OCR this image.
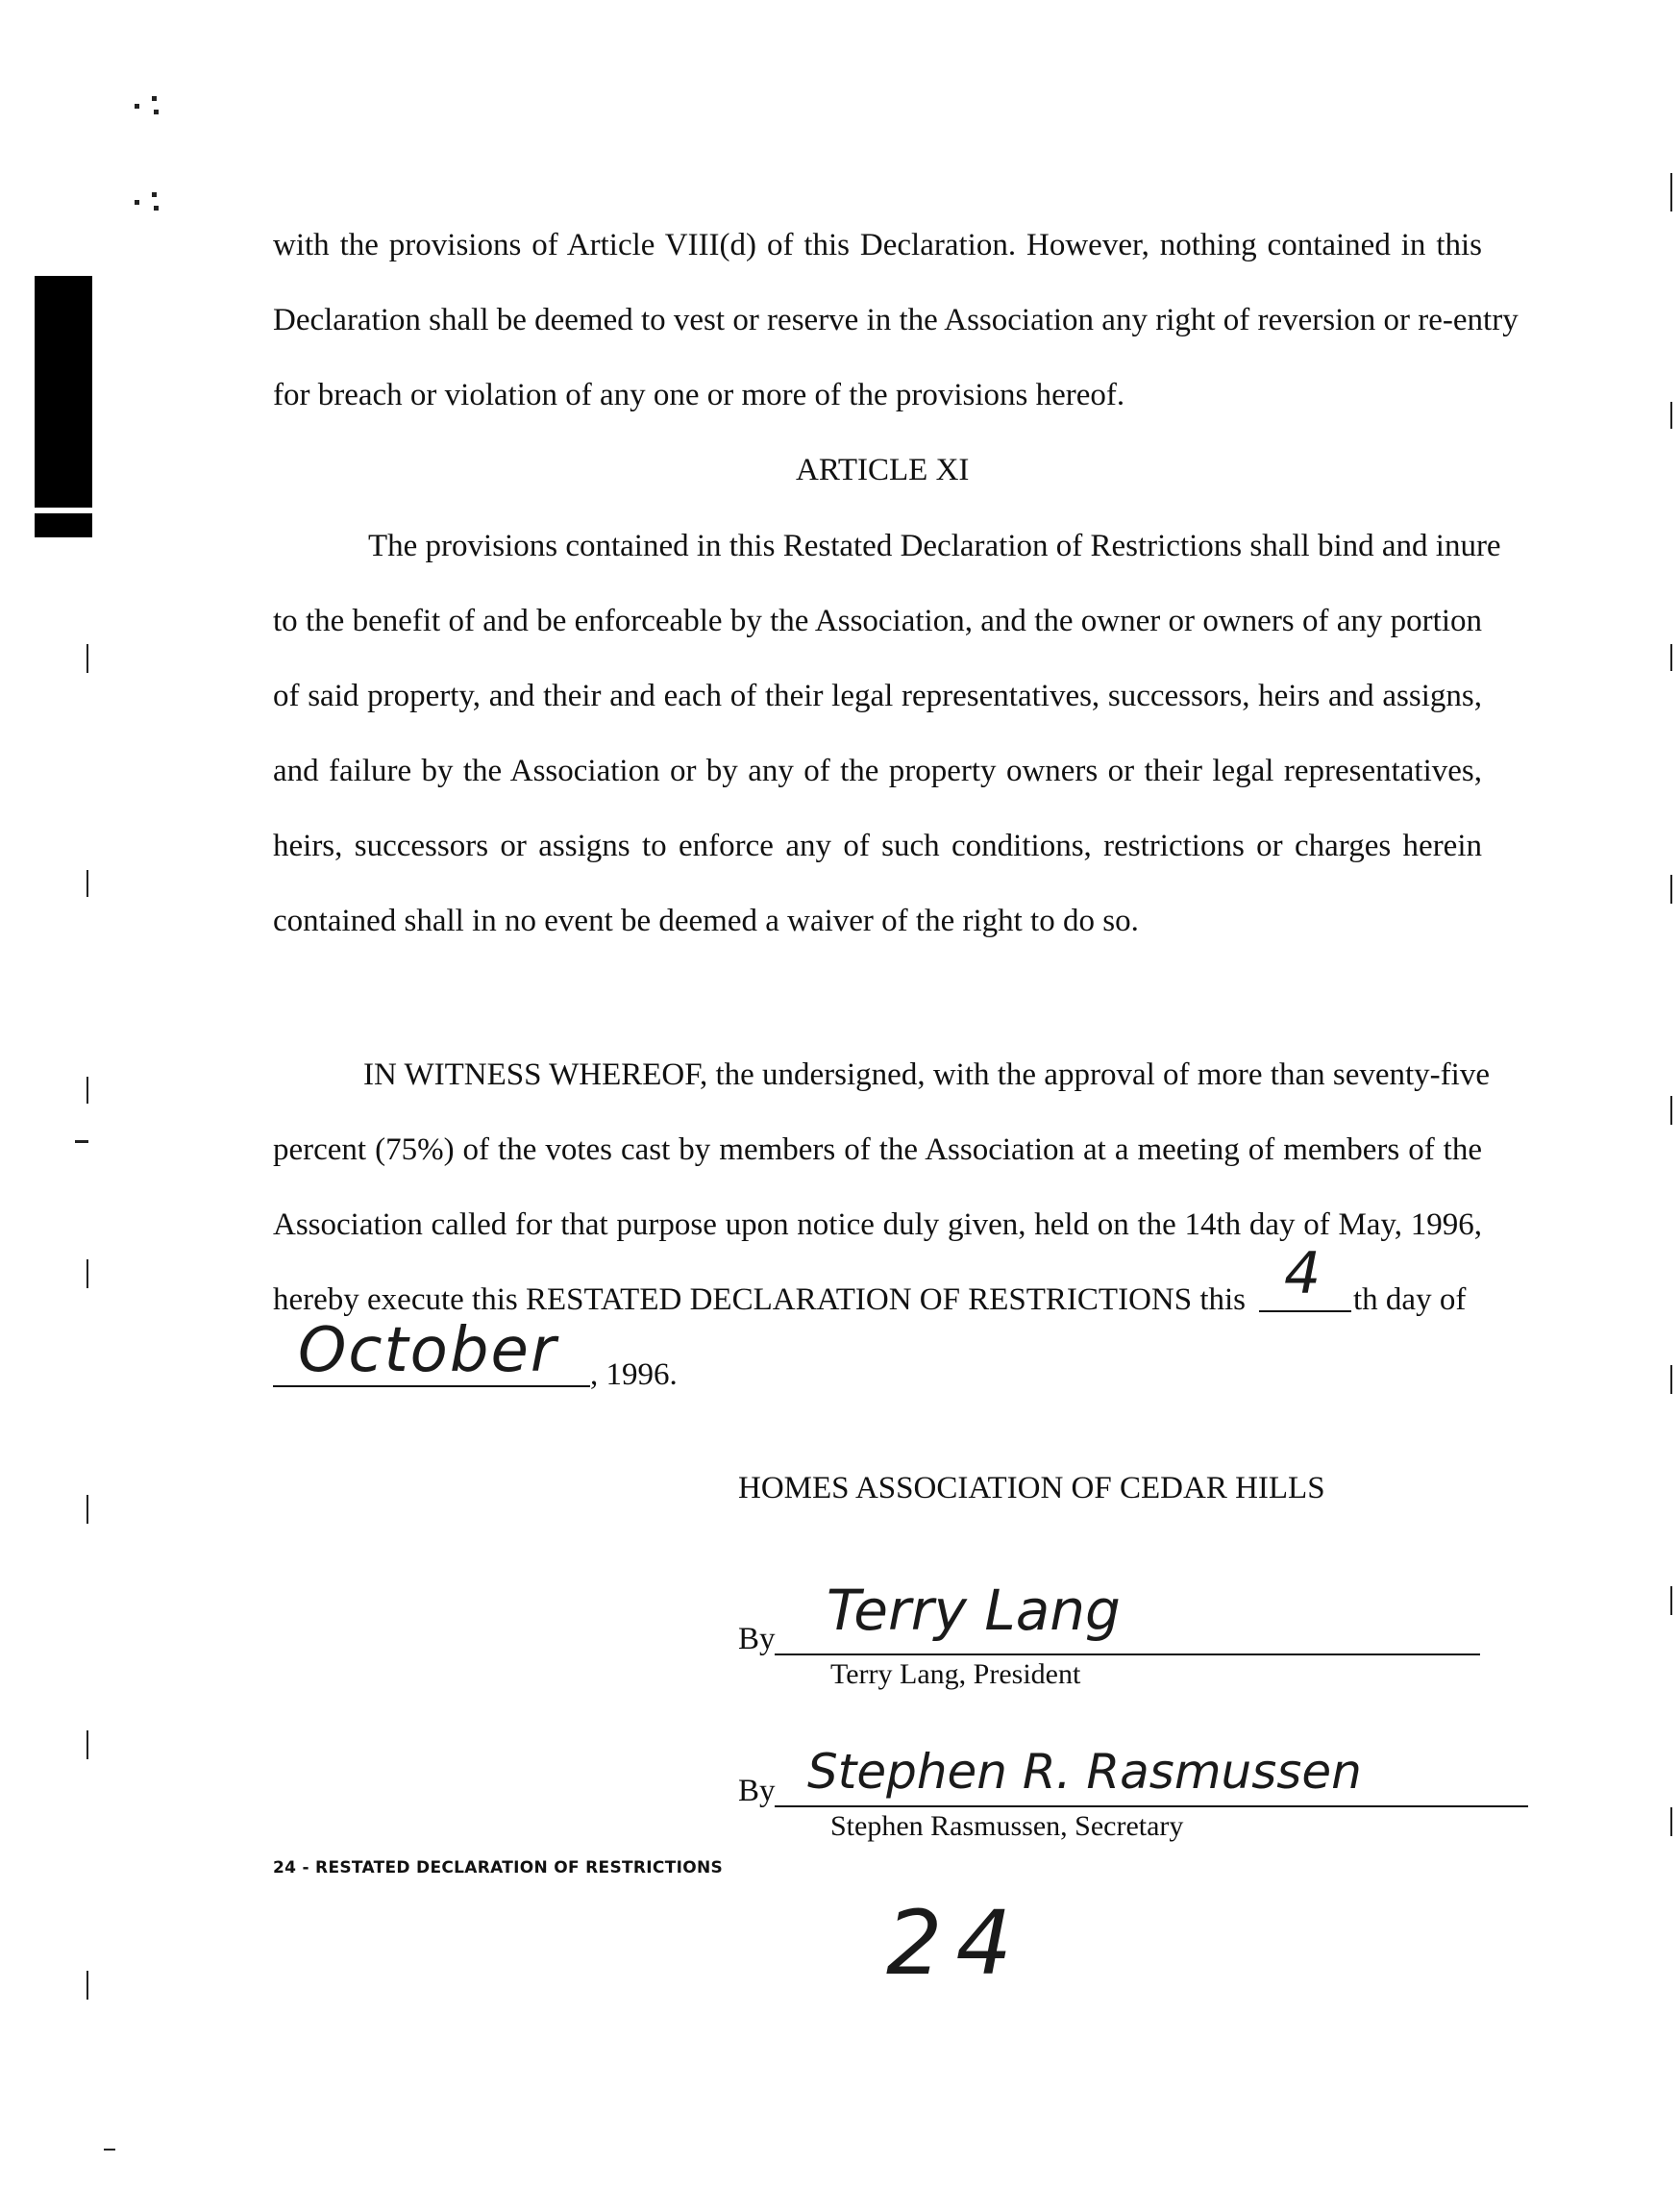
with the provisions of Article VIII(d) of this Declaration. However, nothing contained in this
Declaration shall be deemed to vest or reserve in the Association any right of reversion or re-entry
for breach or violation of any one or more of the provisions hereof.
ARTICLE XI
The provisions contained in this Restated Declaration of Restrictions shall bind and inure
to the benefit of and be enforceable by the Association, and the owner or owners of any portion
of said property, and their and each of their legal representatives, successors, heirs and assigns,
and failure by the Association or by any of the property owners or their legal representatives,
heirs, successors or assigns to enforce any of such conditions, restrictions or charges herein
contained shall in no event be deemed a waiver of the right to do so.
IN WITNESS WHEREOF, the undersigned, with the approval of more than seventy-five
percent (75%) of the votes cast by members of the Association at a meeting of members of the
Association called for that purpose upon notice duly given, held on the 14th day of May, 1996,
hereby execute this RESTATED DECLARATION OF RESTRICTIONS this 4 th day of
October , 1996.
HOMES ASSOCIATION OF CEDAR HILLS
By Terry Lang
Terry Lang, President
By Stephen R. Rasmussen
Stephen Rasmussen, Secretary
24 - RESTATED DECLARATION OF RESTRICTIONS
24
